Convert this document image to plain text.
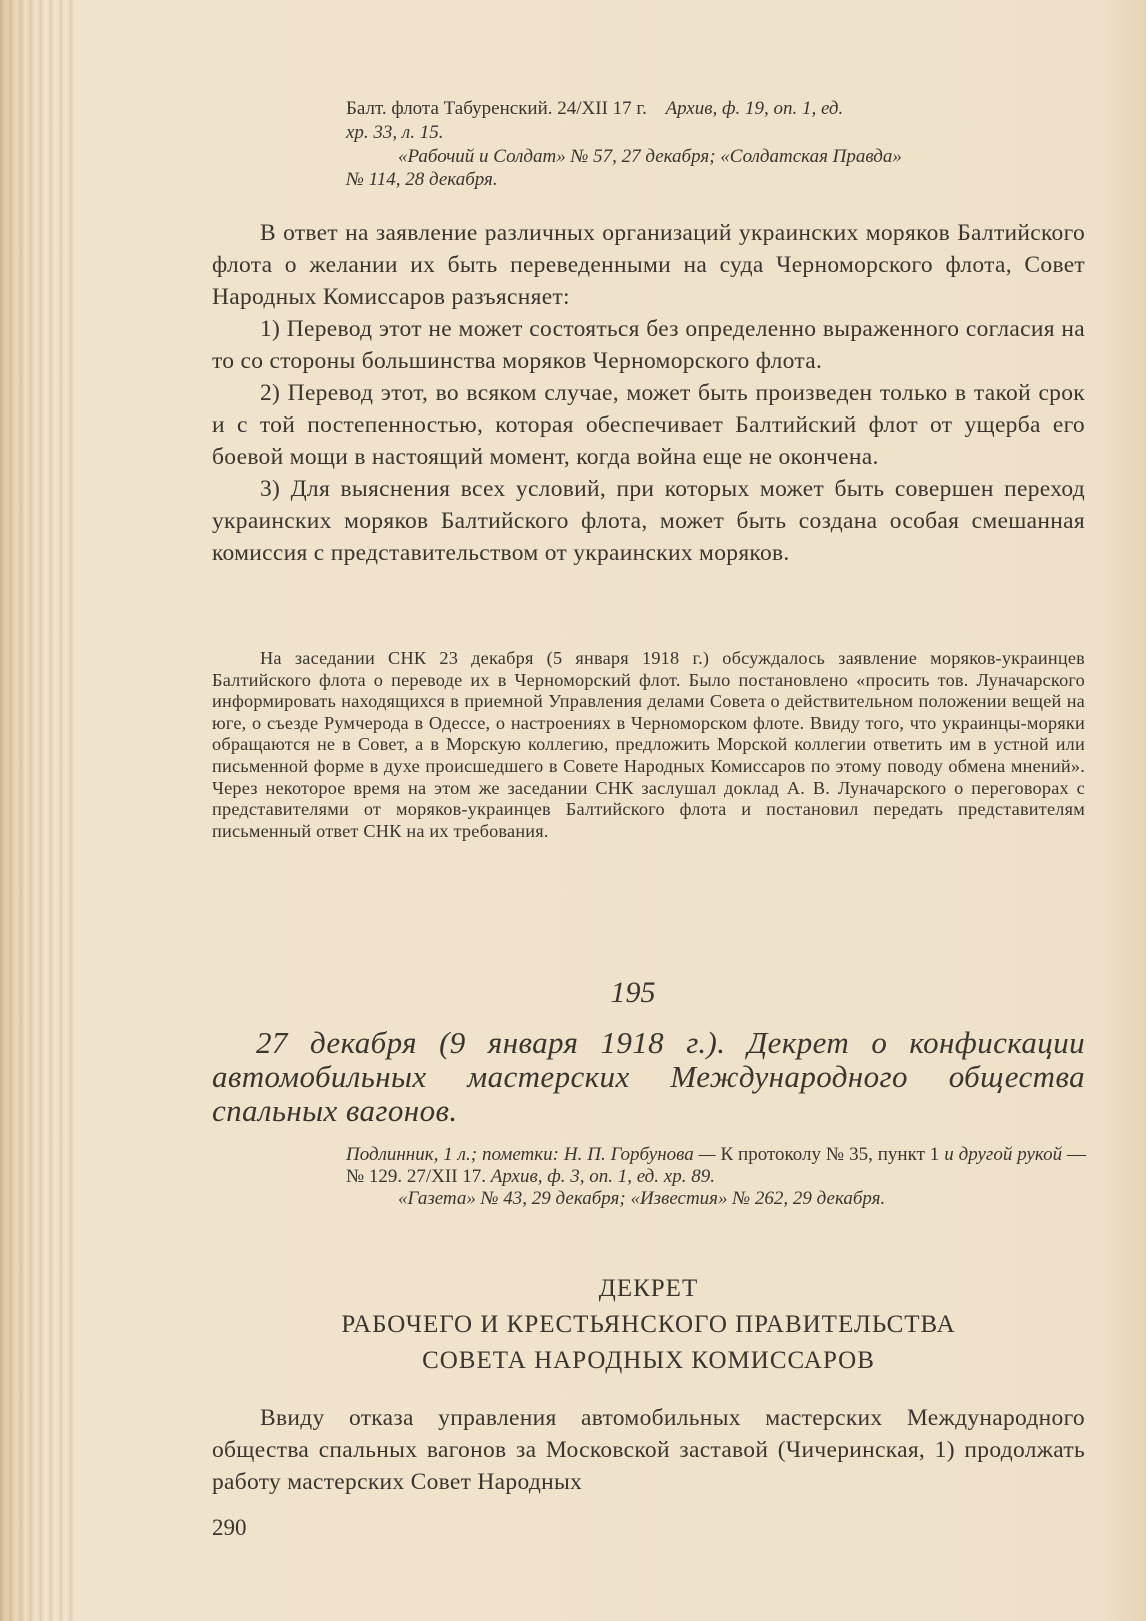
Балт. флота Табуренский. 24/XII 17 г. Архив, ф. 19, оп. 1, ед.
хр. 33, л. 15.
«Рабочий и Солдат» № 57, 27 декабря; «Солдатская Правда»
№ 114, 28 декабря.

В ответ на заявление различных организаций украинских моряков Балтийского флота о желании их быть переведенными на суда Черноморского флота, Совет Народных Комиссаров разъясняет:

1) Перевод этот не может состояться без определенно выраженного согласия на то со стороны большинства моряков Черноморского флота.

2) Перевод этот, во всяком случае, может быть произведен только в такой срок и с той постепенностью, которая обеспечивает Балтийский флот от ущерба его боевой мощи в настоящий момент, когда война еще не окончена.

3) Для выяснения всех условий, при которых может быть совершен переход украинских моряков Балтийского флота, может быть создана особая смешанная комиссия с представительством от украинских моряков.

На заседании СНК 23 декабря (5 января 1918 г.) обсуждалось заявление моряков-украинцев Балтийского флота о переводе их в Черноморский флот. Было постановлено «просить тов. Луначарского информировать находящихся в приемной Управления делами Совета о действительном положении вещей на юге, о съезде Румчерода в Одессе, о настроениях в Черноморском флоте. Ввиду того, что украинцы-моряки обращаются не в Совет, а в Морскую коллегию, предложить Морской коллегии ответить им в устной или письменной форме в духе происшедшего в Совете Народных Комиссаров по этому поводу обмена мнений». Через некоторое время на этом же заседании СНК заслушал доклад А. В. Луначарского о переговорах с представителями от моряков-украинцев Балтийского флота и постановил передать представителям письменный ответ СНК на их требования.

195

27 декабря (9 января 1918 г.). Декрет о конфискации автомобильных мастерских Международного общества спальных вагонов.

Подлинник, 1 л.; пометки: Н. П. Горбунова — К протоколу № 35, пункт 1 и другой рукой — № 129. 27/XII 17. Архив, ф. 3, оп. 1, ед. хр. 89.

«Газета» № 43, 29 декабря; «Известия» № 262, 29 декабря.

ДЕКРЕТ
РАБОЧЕГО И КРЕСТЬЯНСКОГО ПРАВИТЕЛЬСТВА
СОВЕТА НАРОДНЫХ КОМИССАРОВ

Ввиду отказа управления автомобильных мастерских Международного общества спальных вагонов за Московской заставой (Чичеринская, 1) продолжать работу мастерских Совет Народных

290
